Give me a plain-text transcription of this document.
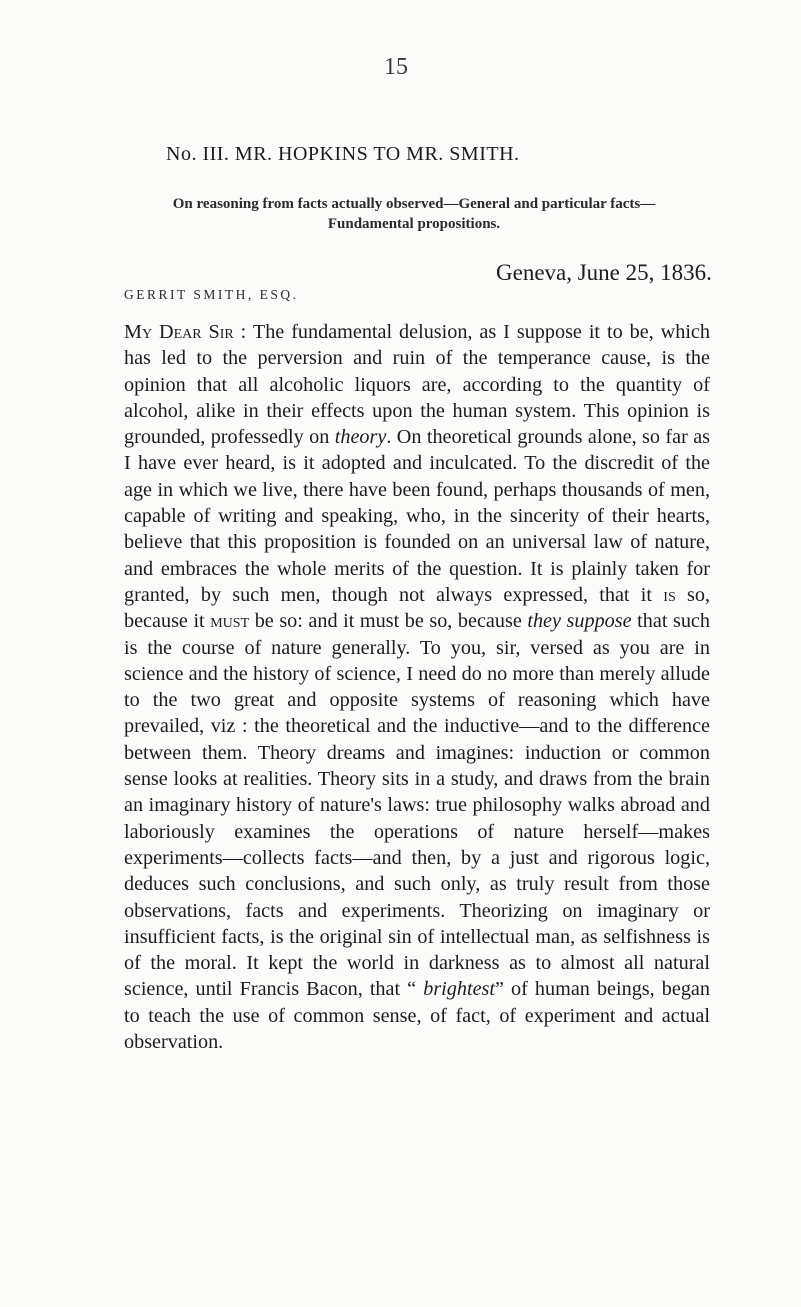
15
No. III. MR. HOPKINS TO MR. SMITH.
On reasoning from facts actually observed—General and particular facts—Fundamental propositions.
Geneva, June 25, 1836.
GERRIT SMITH, ESQ.

My Dear Sir : The fundamental delusion, as I suppose it to be, which has led to the perversion and ruin of the temperance cause, is the opinion that all alcoholic liquors are, according to the quantity of alcohol, alike in their effects upon the human system. This opinion is grounded, professedly on theory. On theoretical grounds alone, so far as I have ever heard, is it adopted and inculcated. To the discredit of the age in which we live, there have been found, perhaps thousands of men, capable of writing and speaking, who, in the sincerity of their hearts, believe that this proposition is founded on an universal law of nature, and embraces the whole merits of the question. It is plainly taken for granted, by such men, though not always expressed, that it is so, because it must be so: and it must be so, because they suppose that such is the course of nature generally. To you, sir, versed as you are in science and the history of science, I need do no more than merely allude to the two great and opposite systems of reasoning which have prevailed, viz : the theoretical and the inductive—and to the difference between them. Theory dreams and imagines: induction or common sense looks at realities. Theory sits in a study, and draws from the brain an imaginary history of nature's laws: true philosophy walks abroad and laboriously examines the operations of nature herself—makes experiments—collects facts—and then, by a just and rigorous logic, deduces such conclusions, and such only, as truly result from those observations, facts and experiments. Theorizing on imaginary or insufficient facts, is the original sin of intellectual man, as selfishness is of the moral. It kept the world in darkness as to almost all natural science, until Francis Bacon, that “ brightest” of human beings, began to teach the use of common sense, of fact, of experiment and actual observation.
